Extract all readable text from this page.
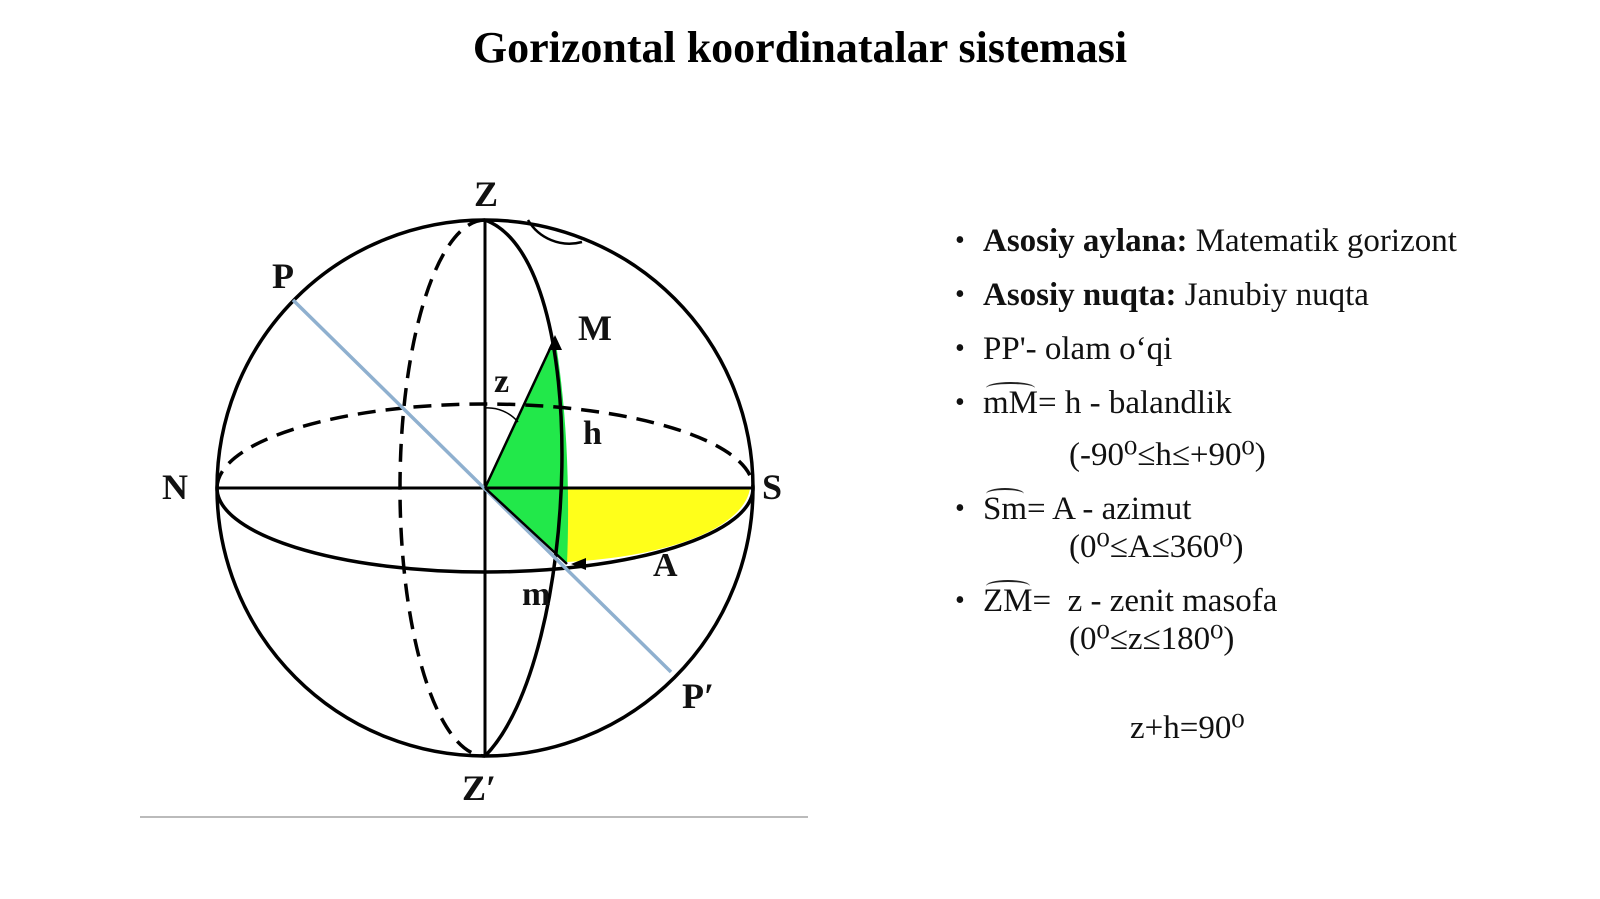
Gorizontal koordinatalar sistemasi
Z
Z′
N	S
P
P′
M
m
z
h
A
• Asosiy aylana: Matematik gorizont
• Asosiy nuqta: Janubiy nuqta
• PP'- olam o‘qi
• mM= h - balandlik
(-90⁰≤h≤+90⁰)
• Sm= A - azimut
(0⁰≤A≤360⁰)
• ZM=  z - zenit masofa
(0⁰≤z≤180⁰)
z+h=90⁰
